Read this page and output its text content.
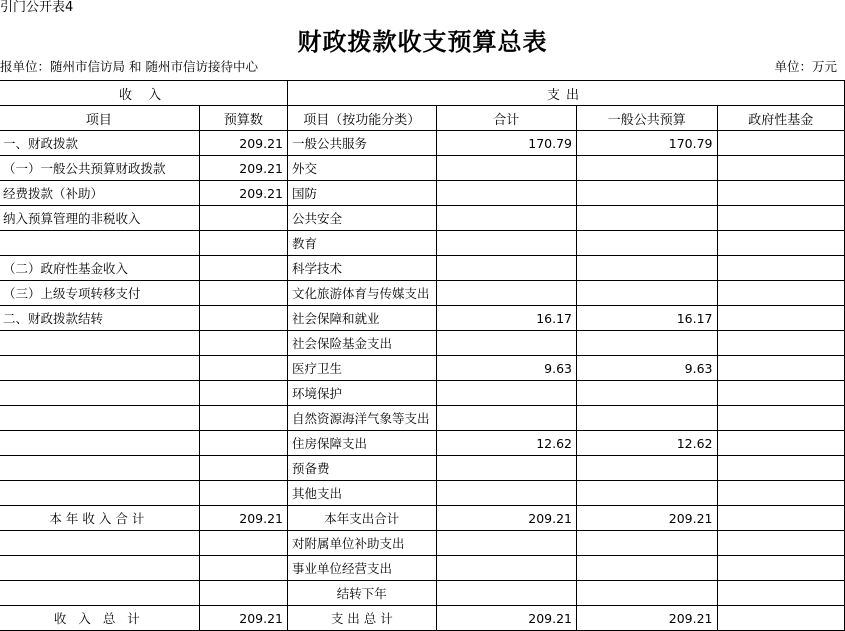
引门公开表4
财政拨款收支预算总表
报单位：随州市信访局 和 随州市信访接待中心	单位：万元
收 入		支出			
项目	预算数	项目（按功能分类）	合计	一般公共预算	政府性基金
一、财政拨款	209.21	一般公共服务	170.79	170.79	
（一）一般公共预算财政拨款	209.21	外交			
经费拨款（补助）	209.21	国防			
纳入预算管理的非税收入		公共安全			
		教育			
（二）政府性基金收入		科学技术			
（三）上级专项转移支付		文化旅游体育与传媒支出			
二、财政拨款结转		社会保障和就业	16.17	16.17	
		社会保险基金支出			
		医疗卫生	9.63	9.63	
		环境保护			
		自然资源海洋气象等支出			
		住房保障支出	12.62	12.62	
		预备费			
		其他支出			
本年收入合计	209.21	本年支出合计	209.21	209.21	
		对附属单位补助支出			
		事业单位经营支出			
		结转下年			
收 入 总 计	209.21	支 出 总 计	209.21	209.21	
